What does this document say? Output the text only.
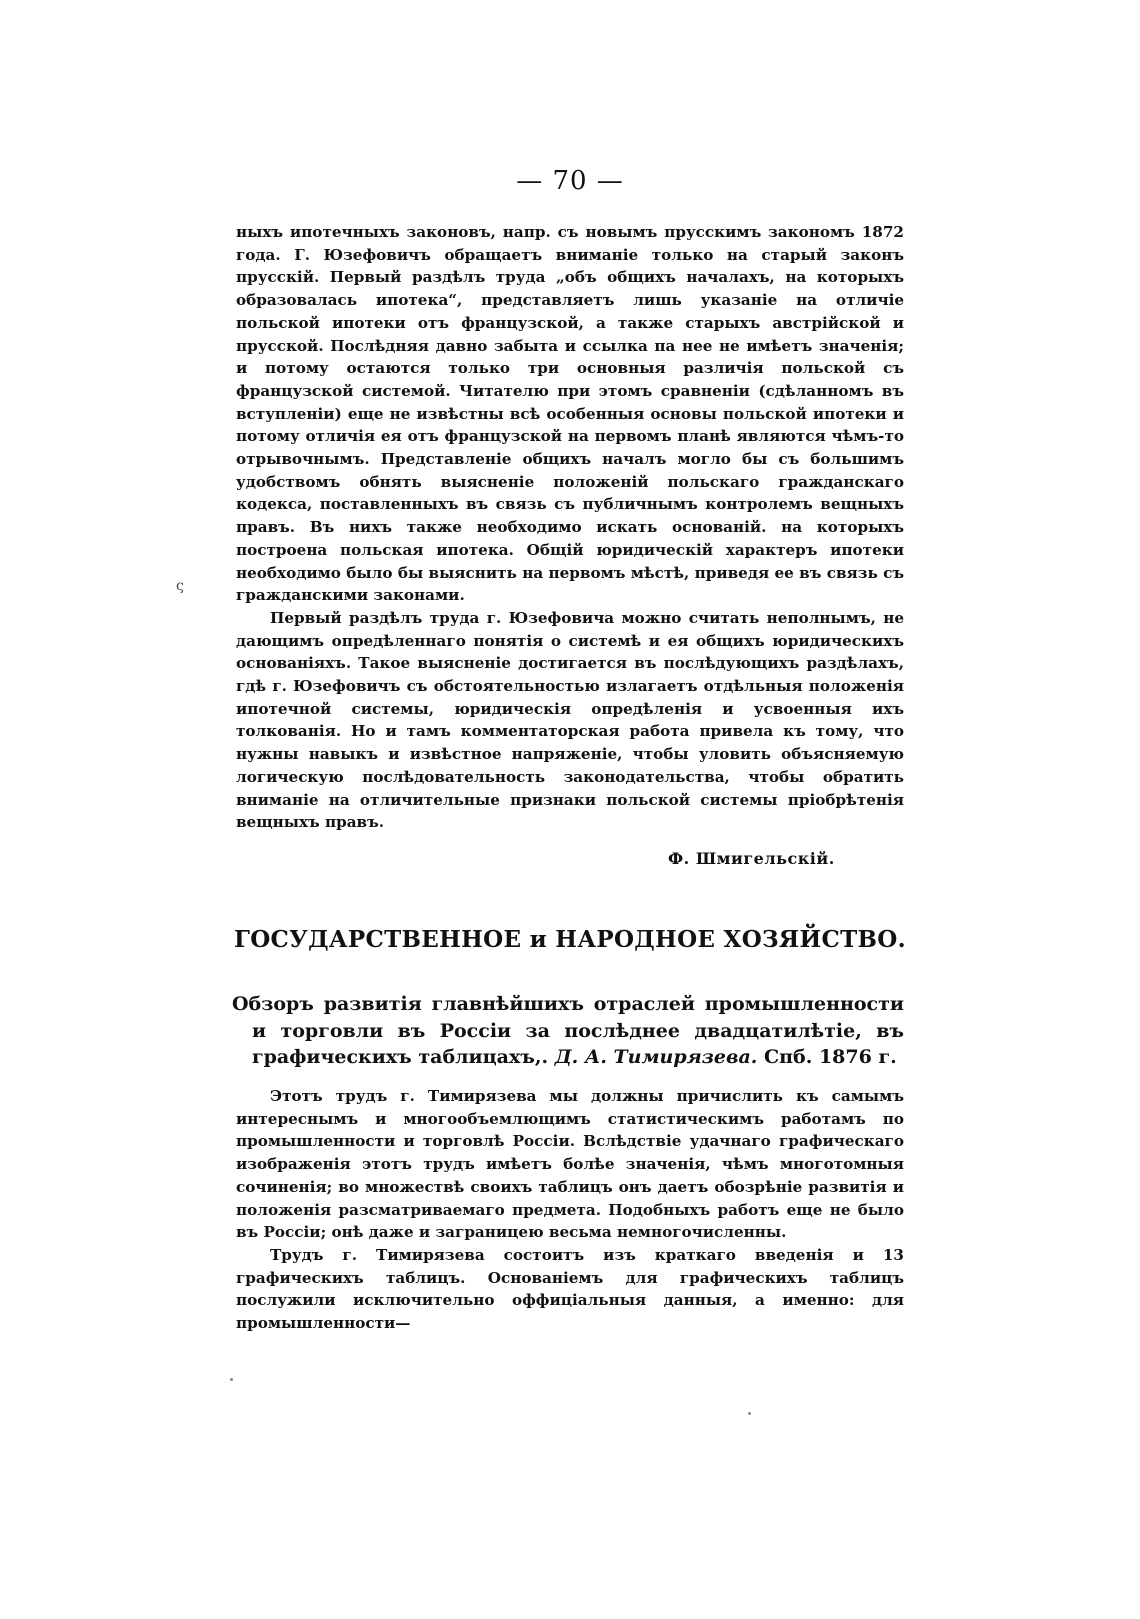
— 70 —

ныхъ ипотечныхъ законовъ, напр. съ новымъ прусскимъ закономъ 1872 года. Г. Юзефовичъ обращаетъ вниманіе только на старый законъ прусскій. Первый раздѣлъ труда „объ общихъ началахъ, на которыхъ образовалась ипотека“, представляетъ лишь указаніе на отличіе польской ипотеки отъ французской, а также старыхъ австрійской и прусской. Послѣдняя давно забыта и ссылка па нее не имѣетъ значенія; и потому остаются только три основныя различія польской съ французской системой. Читателю при этомъ сравненіи (сдѣланномъ въ вступленіи) еще не извѣстны всѣ особенныя основы польской ипотеки и потому отличія ея отъ французской на первомъ планѣ являются чѣмъ-то отрывочнымъ. Представленіе общихъ началъ могло бы съ большимъ удобствомъ обнять выясненіе положеній польскаго гражданскаго кодекса, поставленныхъ въ связь съ публичнымъ контролемъ вещныхъ правъ. Въ нихъ также необходимо искать основаній. на которыхъ построена польская ипотека. Общій юридическій характеръ ипотеки необходимо было бы выяснить на первомъ мѣстѣ, приведя ее въ связь съ гражданскими законами.

Первый раздѣлъ труда г. Юзефовича можно считать неполнымъ, не дающимъ опредѣленнаго понятія о системѣ и ея общихъ юридическихъ основаніяхъ. Такое выясненіе достигается въ послѣдующихъ раздѣлахъ, гдѣ г. Юзефовичъ съ обстоятельностью излагаетъ отдѣльныя положенія ипотечной системы, юридическія опредѣленія и усвоенныя ихъ толкованія. Но и тамъ комментаторская работа привела къ тому, что нужны навыкъ и извѣстное напряженіе, чтобы уловить объясняемую логическую послѣдовательность законодательства, чтобы обратить вниманіе на отличительные признаки польской системы пріобрѣтенія вещныхъ правъ.

ς
Ф. Шмигельскій.
ГОСУДАРСТВЕННОЕ и НАРОДНОЕ ХОЗЯЙСТВО.
Обзоръ развитія главнѣйшихъ отраслей промышленности и торговли въ Россіи за послѣднее двадцатилѣтіе, въ графическихъ таблицахъ,. Д. А. Тимирязева. Спб. 1876 г.

Этотъ трудъ г. Тимирязева мы должны причислить къ самымъ интереснымъ и многообъемлющимъ статистическимъ работамъ по промышленности и торговлѣ Россіи. Вслѣдствіе удачнаго графическаго изображенія этотъ трудъ имѣетъ болѣе значенія, чѣмъ многотомныя сочиненія; во множествѣ своихъ таблицъ онъ даетъ обозрѣніе развитія и положенія разсматриваемаго предмета. Подобныхъ работъ еще не было въ Россіи; онѣ даже и заграницею весьма немногочисленны.

Трудъ г. Тимирязева состоитъ изъ краткаго введенія и 13 графическихъ таблицъ. Основаніемъ для графическихъ таблицъ послужили исключительно оффиціальныя данныя, а именно: для промышленности—
